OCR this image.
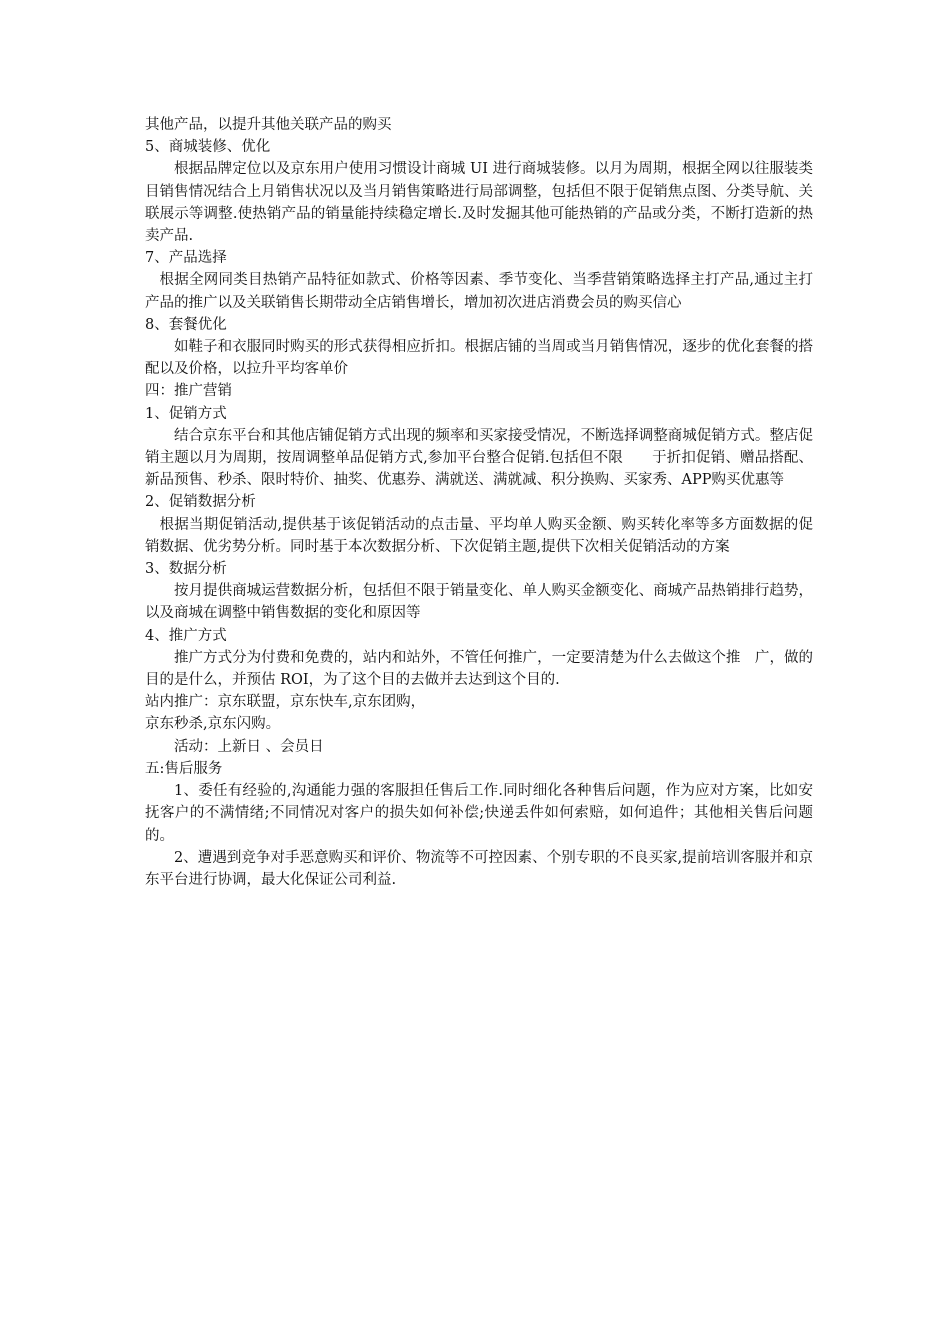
其他产品，以提升其他关联产品的购买

5、商城装修、优化

根据品牌定位以及京东用户使用习惯设计商城 UI 进行商城装修。以月为周期，根据全网以往服装类目销售情况结合上月销售状况以及当月销售策略进行局部调整，包括但不限于促销焦点图、分类导航、关联展示等调整.使热销产品的销量能持续稳定增长.及时发掘其他可能热销的产品或分类，不断打造新的热卖产品.

7、产品选择

根据全网同类目热销产品特征如款式、价格等因素、季节变化、当季营销策略选择主打产品,通过主打产品的推广以及关联销售长期带动全店销售增长，增加初次进店消费会员的购买信心

8、套餐优化

如鞋子和衣服同时购买的形式获得相应折扣。根据店铺的当周或当月销售情况，逐步的优化套餐的搭配以及价格，以拉升平均客单价

四：推广营销

1、促销方式

结合京东平台和其他店铺促销方式出现的频率和买家接受情况，不断选择调整商城促销方式。整店促销主题以月为周期，按周调整单品促销方式,参加平台整合促销.包括但不限　　于折扣促销、赠品搭配、新品预售、秒杀、限时特价、抽奖、优惠券、满就送、满就减、积分换购、买家秀、APP购买优惠等

2、促销数据分析

根据当期促销活动,提供基于该促销活动的点击量、平均单人购买金额、购买转化率等多方面数据的促销数据、优劣势分析。同时基于本次数据分析、下次促销主题,提供下次相关促销活动的方案

3、数据分析

按月提供商城运营数据分析，包括但不限于销量变化、单人购买金额变化、商城产品热销排行趋势，以及商城在调整中销售数据的变化和原因等

4、推广方式

推广方式分为付费和免费的，站内和站外，不管任何推广，一定要清楚为什么去做这个推　广，做的目的是什么，并预估 ROI，为了这个目的去做并去达到这个目的.

站内推广：京东联盟，京东快车,京东团购，

京东秒杀,京东闪购。

活动：上新日 、会员日

五:售后服务

1、委任有经验的,沟通能力强的客服担任售后工作.同时细化各种售后问题，作为应对方案，比如安抚客户的不满情绪;不同情况对客户的损失如何补偿;快递丢件如何索赔，如何追件；其他相关售后问题的。

2、遭遇到竞争对手恶意购买和评价、物流等不可控因素、个别专职的不良买家,提前培训客服并和京东平台进行协调，最大化保证公司利益.
